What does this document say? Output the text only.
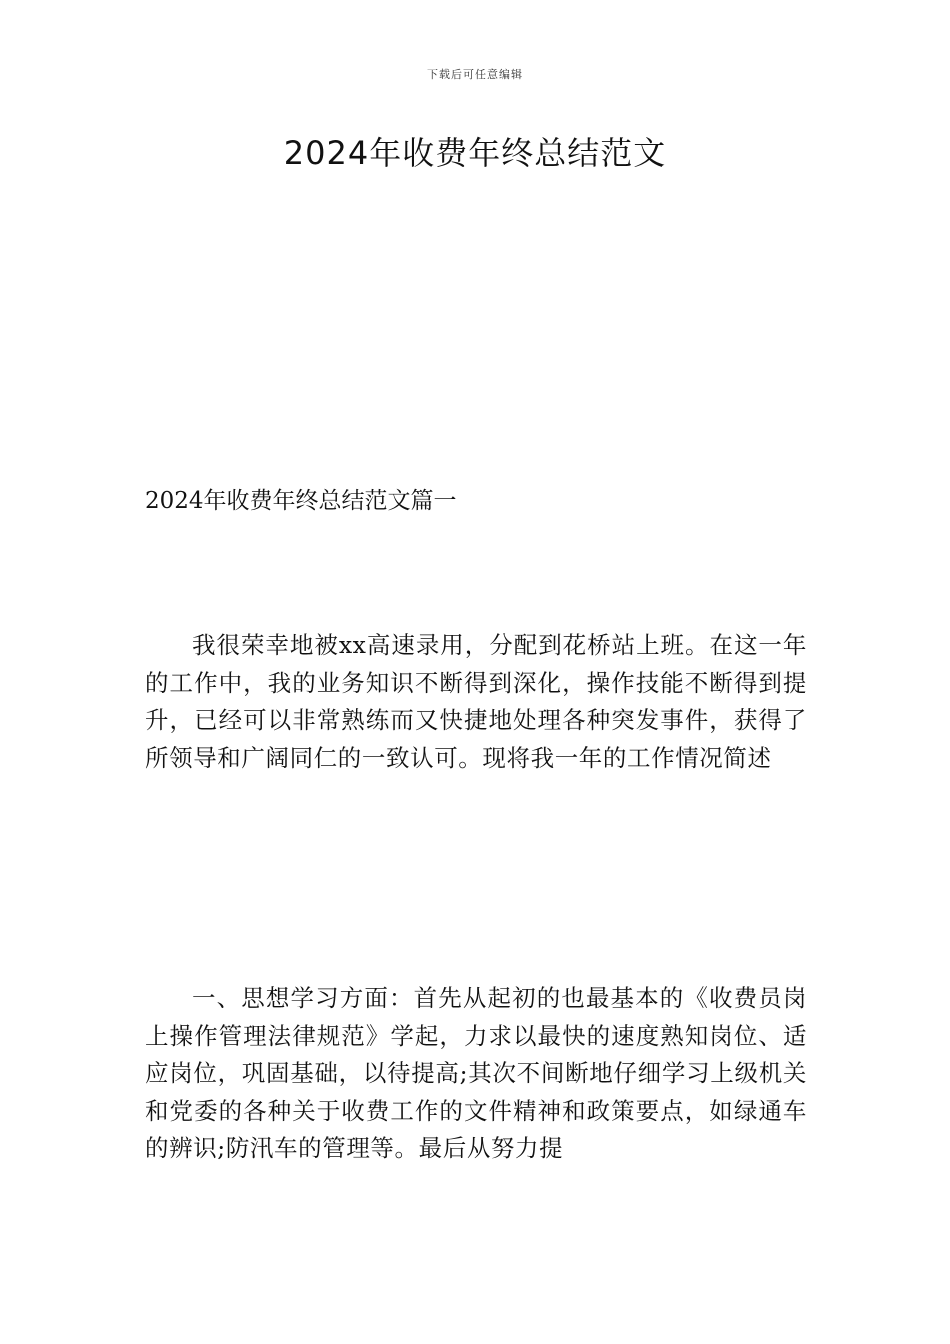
下载后可任意编辑
2024年收费年终总结范文
2024年收费年终总结范文篇一

我很荣幸地被xx高速录用，分配到花桥站上班。在这一年的工作中，我的业务知识不断得到深化，操作技能不断得到提升，已经可以非常熟练而又快捷地处理各种突发事件，获得了所领导和广阔同仁的一致认可。现将我一年的工作情况简述

一、思想学习方面：首先从起初的也最基本的《收费员岗上操作管理法律规范》学起，力求以最快的速度熟知岗位、适应岗位，巩固基础，以待提高;其次不间断地仔细学习上级机关和党委的各种关于收费工作的文件精神和政策要点，如绿通车的辨识;防汛车的管理等。最后从努力提
